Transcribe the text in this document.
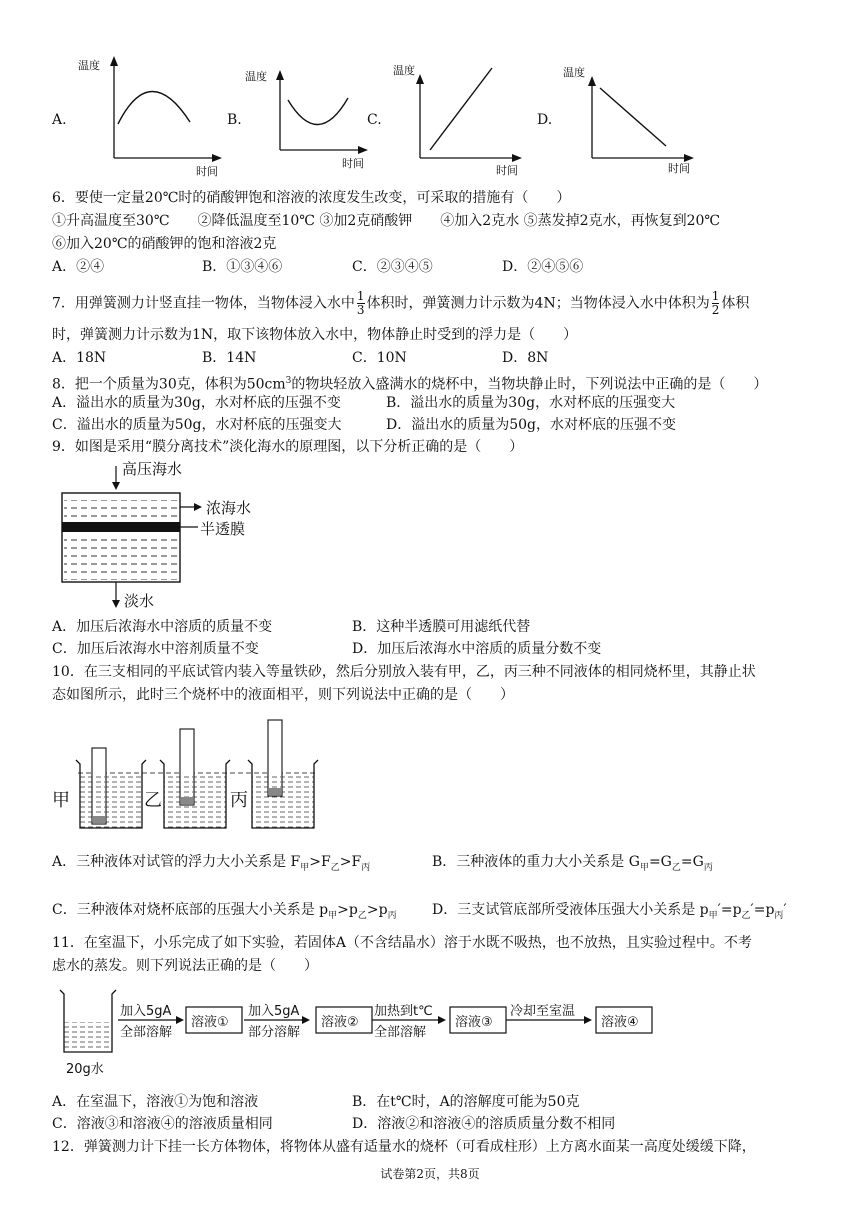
A.
温度
时间
B.
温度
时间
C.
温度
时间
D.
温度
时间
6．要使一定量20℃时的硝酸钾饱和溶液的浓度发生改变，可采取的措施有（　　）
①升高温度至30℃　　②降低温度至10℃ ③加2克硝酸钾　　④加入2克水 ⑤蒸发掉2克水，再恢复到20℃
⑥加入20℃的硝酸钾的饱和溶液2克
A．②④	B．①③④⑥	C．②③④⑤	D．②④⑤⑥
7．用弹簧测力计竖直挂一物体，当物体浸入水中 $\frac{1}{3}$ 体积时，弹簧测力计示数为4N；当物体浸入水中体积为 $\frac{1}{2}$ 体积
时，弹簧测力计示数为1N，取下该物体放入水中，物体静止时受到的浮力是（　　）
A．18N	B．14N	C．10N	D．8N
8．把一个质量为30克，体积为$50cm^3$的物块轻放入盛满水的烧杯中，当物块静止时，下列说法中正确的是（　　）
A．溢出水的质量为30g，水对杯底的压强不变	B．溢出水的质量为30g，水对杯底的压强变大
C．溢出水的质量为50g，水对杯底的压强变大	D．溢出水的质量为50g，水对杯底的压强不变
9．如图是采用“膜分离技术”淡化海水的原理图，以下分析正确的是（　　）
高压海水
浓海水
半透膜
淡水
A．加压后浓海水中溶质的质量不变	B．这种半透膜可用滤纸代替
C．加压后浓海水中溶剂质量不变	D．加压后浓海水中溶质的质量分数不变
10．在三支相同的平底试管内装入等量铁砂，然后分别放入装有甲，乙，丙三种不同液体的相同烧杯里，其静止状
态如图所示，此时三个烧杯中的液面相平，则下列说法中正确的是（　　）
甲	乙	丙
A．三种液体对试管的浮力大小关系是 $F_甲>F_乙>F_丙$	B．三种液体的重力大小关系是 $G_甲=G_乙=G_丙$
C．三种液体对烧杯底部的压强大小关系是 $p_甲>p_乙>p_丙$	D．三支试管底部所受液体压强大小关系是 $p_甲'=p_乙'=p_丙'$
11．在室温下，小乐完成了如下实验，若固体A（不含结晶水）溶于水既不吸热，也不放热，且实验过程中。不考
虑水的蒸发。则下列说法正确的是（　　）
20g水
加入5gA
全部溶解
溶液①
加入5gA
部分溶解
溶液②
加热到t℃
全部溶解
溶液③
冷却至室温
溶液④
A．在室温下，溶液①为饱和溶液	B．在t℃时，A的溶解度可能为50克
C．溶液③和溶液④的溶液质量相同	D．溶液②和溶液④的溶质质量分数不相同
12．弹簧测力计下挂一长方体物体，将物体从盛有适量水的烧杯（可看成柱形）上方离水面某一高度处缓缓下降，
试卷第2页，共8页
